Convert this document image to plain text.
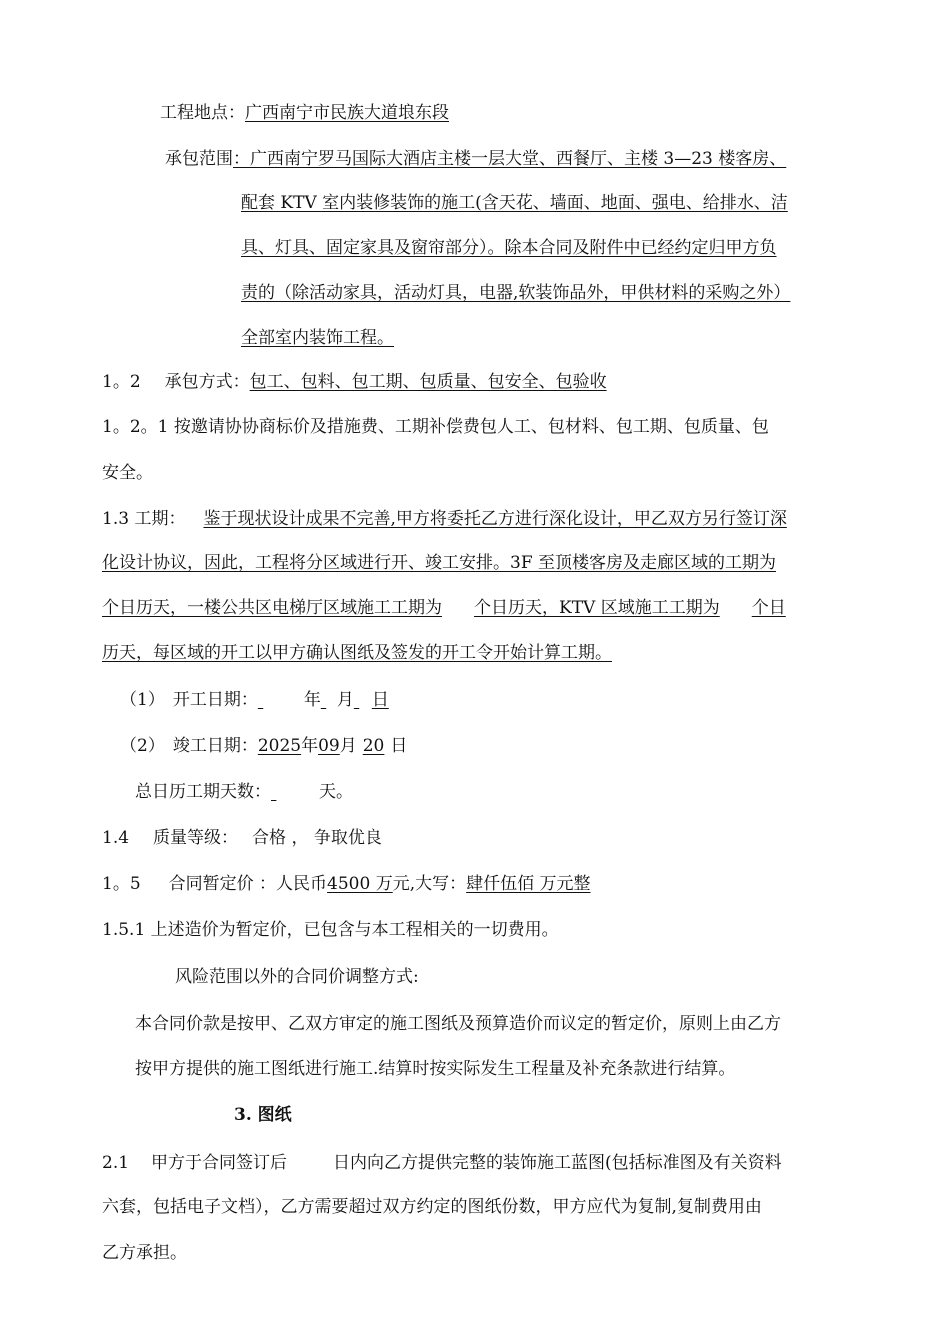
工程地点：广西南宁市民族大道埌东段
承包范围：广西南宁罗马国际大酒店主楼一层大堂、西餐厅、主楼 3—23 楼客房、
配套 KTV 室内装修装饰的施工(含天花、墙面、地面、强电、给排水、洁
具、灯具、固定家具及窗帘部分）。除本合同及附件中已经约定归甲方负
责的（除活动家具，活动灯具，电器,软装饰品外，甲供材料的采购之外）
全部室内装饰工程。
1。2 承包方式：包工、包料、包工期、包质量、包安全、包验收
1。2。1 按邀请协协商标价及措施费、工期补偿费包人工、包材料、包工期、包质量、包
安全。
1.3 工期： 鉴于现状设计成果不完善,甲方将委托乙方进行深化设计，甲乙双方另行签订深
化设计协议，因此，工程将分区域进行开、竣工安排。3F 至顶楼客房及走廊区域的工期为
个日历天，一楼公共区电梯厅区域施工工期为 个日历天，KTV 区域施工工期为 个日
历天，每区域的开工以甲方确认图纸及签发的开工令开始计算工期。
（1） 开工日期：	年 月 日
（2） 竣工日期：2025年09月 20 日
总日历工期天数：	天。
1.4 质量等级： 合格 ， 争取优良
1。5 合同暂定价 ：人民币4500 万元,大写：肆仟伍佰 万元整
1.5.1 上述造价为暂定价，已包含与本工程相关的一切费用。
风险范围以外的合同价调整方式:
本合同价款是按甲、乙双方审定的施工图纸及预算造价而议定的暂定价，原则上由乙方
按甲方提供的施工图纸进行施工.结算时按实际发生工程量及补充条款进行结算。
3. 图纸
2.1 甲方于合同签订后	日内向乙方提供完整的装饰施工蓝图(包括标准图及有关资料
六套，包括电子文档），乙方需要超过双方约定的图纸份数，甲方应代为复制,复制费用由
乙方承担。
